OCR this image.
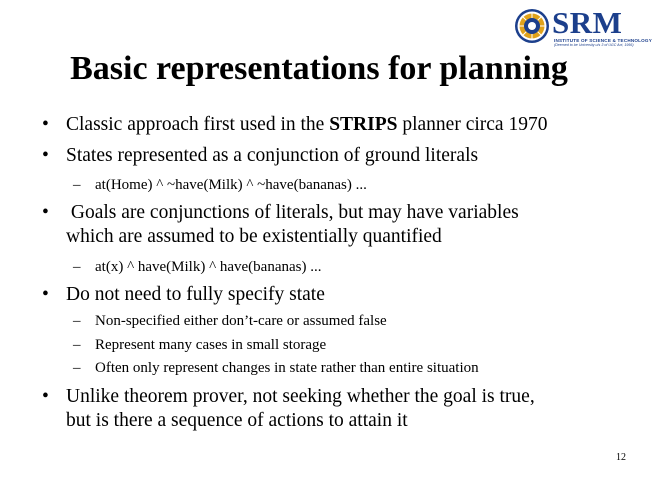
SRM
INSTITUTE OF SCIENCE & TECHNOLOGY
(Deemed to be University u/s 3 of UGC Act, 1956)
Basic representations for planning
• Classic approach first used in the STRIPS planner circa 1970
• States represented as a conjunction of ground literals
– at(Home) ^ ~have(Milk) ^ ~have(bananas) ...
• Goals are conjunctions of literals, but may have variables
which are assumed to be existentially quantified
– at(x) ^ have(Milk) ^ have(bananas) ...
• Do not need to fully specify state
– Non-specified either don’t-care or assumed false
– Represent many cases in small storage
– Often only represent changes in state rather than entire situation
• Unlike theorem prover, not seeking whether the goal is true,
but is there a sequence of actions to attain it
12
